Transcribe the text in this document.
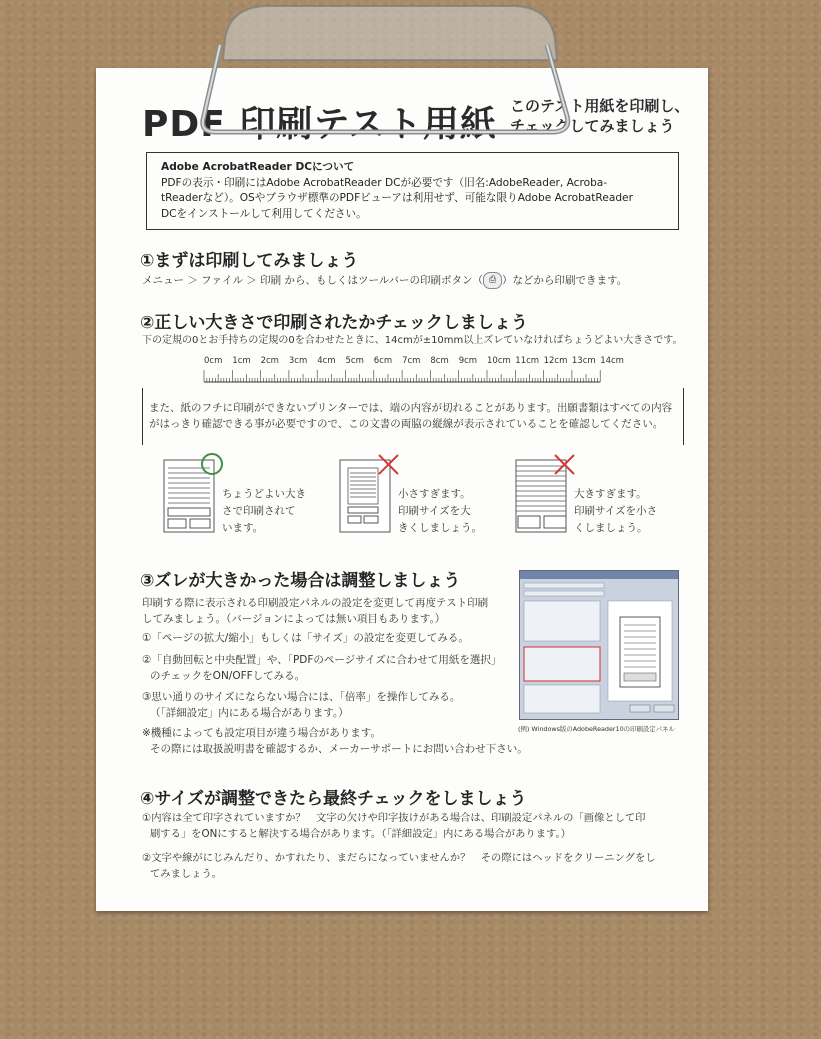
PDF 印刷テスト用紙 このテスト用紙を印刷し、
チェックしてみましょう
Adobe AcrobatReader DCについて
PDFの表示・印刷にはAdobe AcrobatReader DCが必要です（旧名:AdobeReader, Acroba-
tReaderなど）。OSやブラウザ標準のPDFビューアは利用せず、可能な限りAdobe AcrobatReader
DCをインストールして利用してください。
①まずは印刷してみましょう
メニュー ＞ ファイル ＞ 印刷 から、もしくはツールバーの印刷ボタン（ ⎙ ）などから印刷できます。
②正しい大きさで印刷されたかチェックしましょう
下の定規の0とお手持ちの定規の0を合わせたときに、14cmが±10mm以上ズレていなければちょうどよい大きさです。
0cm 1cm 2cm 3cm 4cm 5cm 6cm 7cm 8cm 9cm 10cm 11cm 12cm 13cm 14cm
また、紙のフチに印刷ができないプリンターでは、端の内容が切れることがあります。出願書類はすべての内容
がはっきり確認できる事が必要ですので、この文書の両脇の縦線が表示されていることを確認してください。
ちょうどよい大き
さで印刷されて
います。
小さすぎます。
印刷サイズを大
きくしましょう。
大きすぎます。
印刷サイズを小さ
くしましょう。
③ズレが大きかった場合は調整しましょう
印刷する際に表示される印刷設定パネルの設定を変更して再度テスト印刷
してみましょう。（バージョンによっては無い項目もあります。）
①「ページの拡大/縮小」もしくは「サイズ」の設定を変更してみる。
②「自動回転と中央配置」や、「PDFのページサイズに合わせて用紙を選択」
のチェックをON/OFFしてみる。
③思い通りのサイズにならない場合には、「倍率」を操作してみる。
（「詳細設定」内にある場合があります。）
※機種によっても設定項目が違う場合があります。
その際には取扱説明書を確認するか、メーカーサポートにお問い合わせ下さい。
(例) Windows版のAdobeReader10の印刷設定パネル
④サイズが調整できたら最終チェックをしましょう
①内容は全て印字されていますか？　文字の欠けや印字抜けがある場合は、印刷設定パネルの「画像として印
刷する」をONにすると解決する場合があります。（「詳細設定」内にある場合があります。）
②文字や線がにじみんだり、かすれたり、まだらになっていませんか？　その際にはヘッドをクリーニングをし
てみましょう。
